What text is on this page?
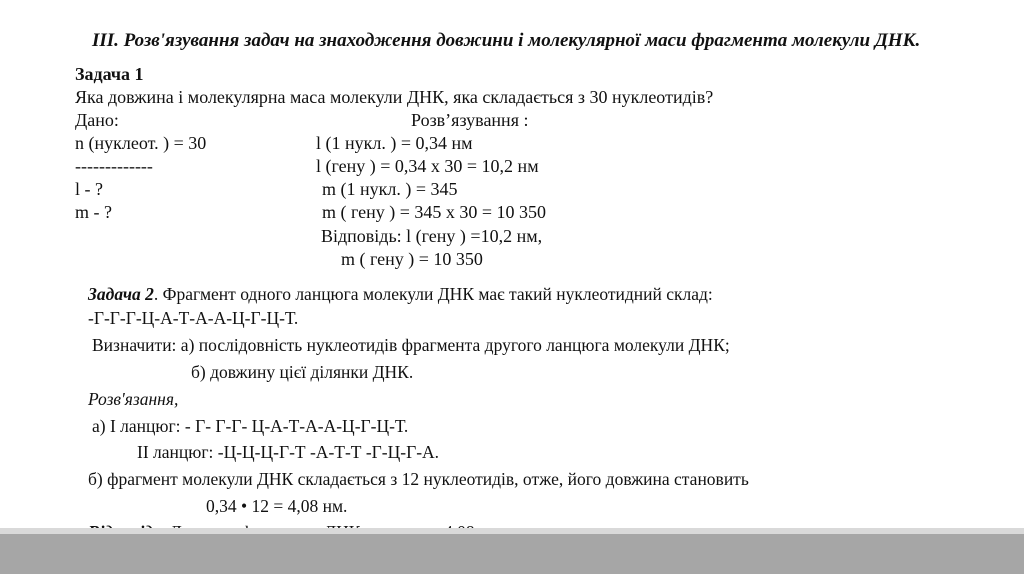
III. Розв'язування задач на знаходження довжини і молекулярної маси фрагмента молекули ДНК.
Задача 1
Яка довжина і молекулярна маса молекули ДНК, яка складається з 30 нуклеотидів?
Дано:	Розв’язування :
n (нуклеот. ) = 30
-------------
l - ?
m - ?
l (1 нукл. ) = 0,34 нм
l (гену ) = 0,34 х 30 = 10,2 нм
m (1 нукл. ) = 345
m ( гену ) = 345 х 30 = 10 350
Відповідь: l (гену ) =10,2 нм,
m ( гену ) = 10 350
Задача 2. Фрагмент одного ланцюга молекули ДНК має такий нуклеотидний склад:
-Г-Г-Г-Ц-А-Т-А-А-Ц-Г-Ц-Т.
Визначити: а) послідовність нуклеотидів фрагмента другого ланцюга молекули ДНК;
б) довжину цієї ділянки ДНК.
Розв'язання,
а) І ланцюг: - Г- Г-Г- Ц-А-Т-А-А-Ц-Г-Ц-Т.
ІІ ланцюг: -Ц-Ц-Ц-Г-Т -А-Т-Т -Г-Ц-Г-А.
б) фрагмент молекули ДНК складається з 12 нуклеотидів, отже, його довжина становить
0,34 • 12 = 4,08 нм.
